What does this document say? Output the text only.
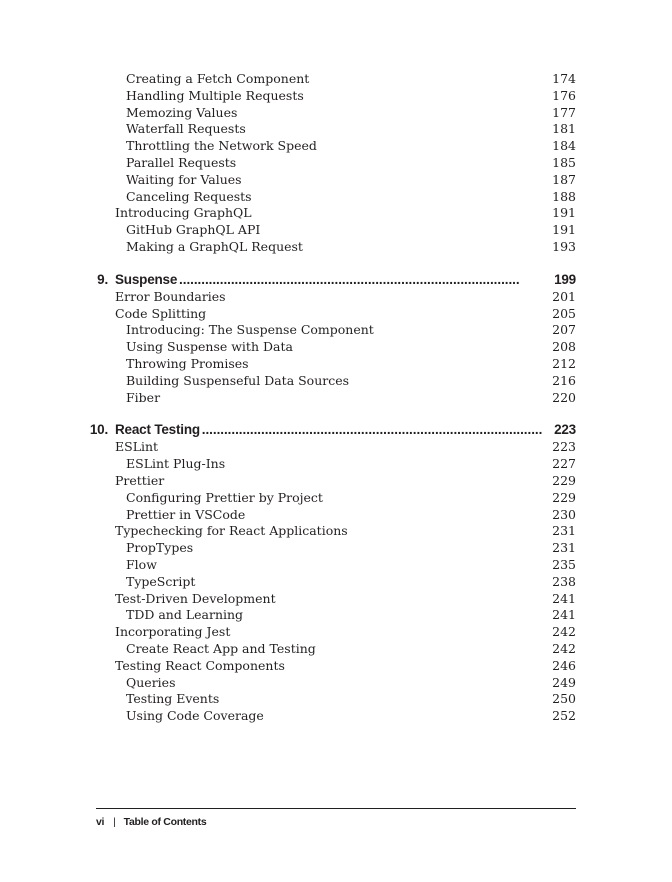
Creating a Fetch Component	174
Handling Multiple Requests	176
Memozing Values	177
Waterfall Requests	181
Throttling the Network Speed	184
Parallel Requests	185
Waiting for Values	187
Canceling Requests	188
Introducing GraphQL	191
GitHub GraphQL API	191
Making a GraphQL Request	193
9. Suspense . . .	199
Error Boundaries	201
Code Splitting	205
Introducing: The Suspense Component	207
Using Suspense with Data	208
Throwing Promises	212
Building Suspenseful Data Sources	216
Fiber	220
10. React Testing . . .	223
ESLint	223
ESLint Plug-Ins	227
Prettier	229
Configuring Prettier by Project	229
Prettier in VSCode	230
Typechecking for React Applications	231
PropTypes	231
Flow	235
TypeScript	238
Test-Driven Development	241
TDD and Learning	241
Incorporating Jest	242
Create React App and Testing	242
Testing React Components	246
Queries	249
Testing Events	250
Using Code Coverage	252
vi | Table of Contents
